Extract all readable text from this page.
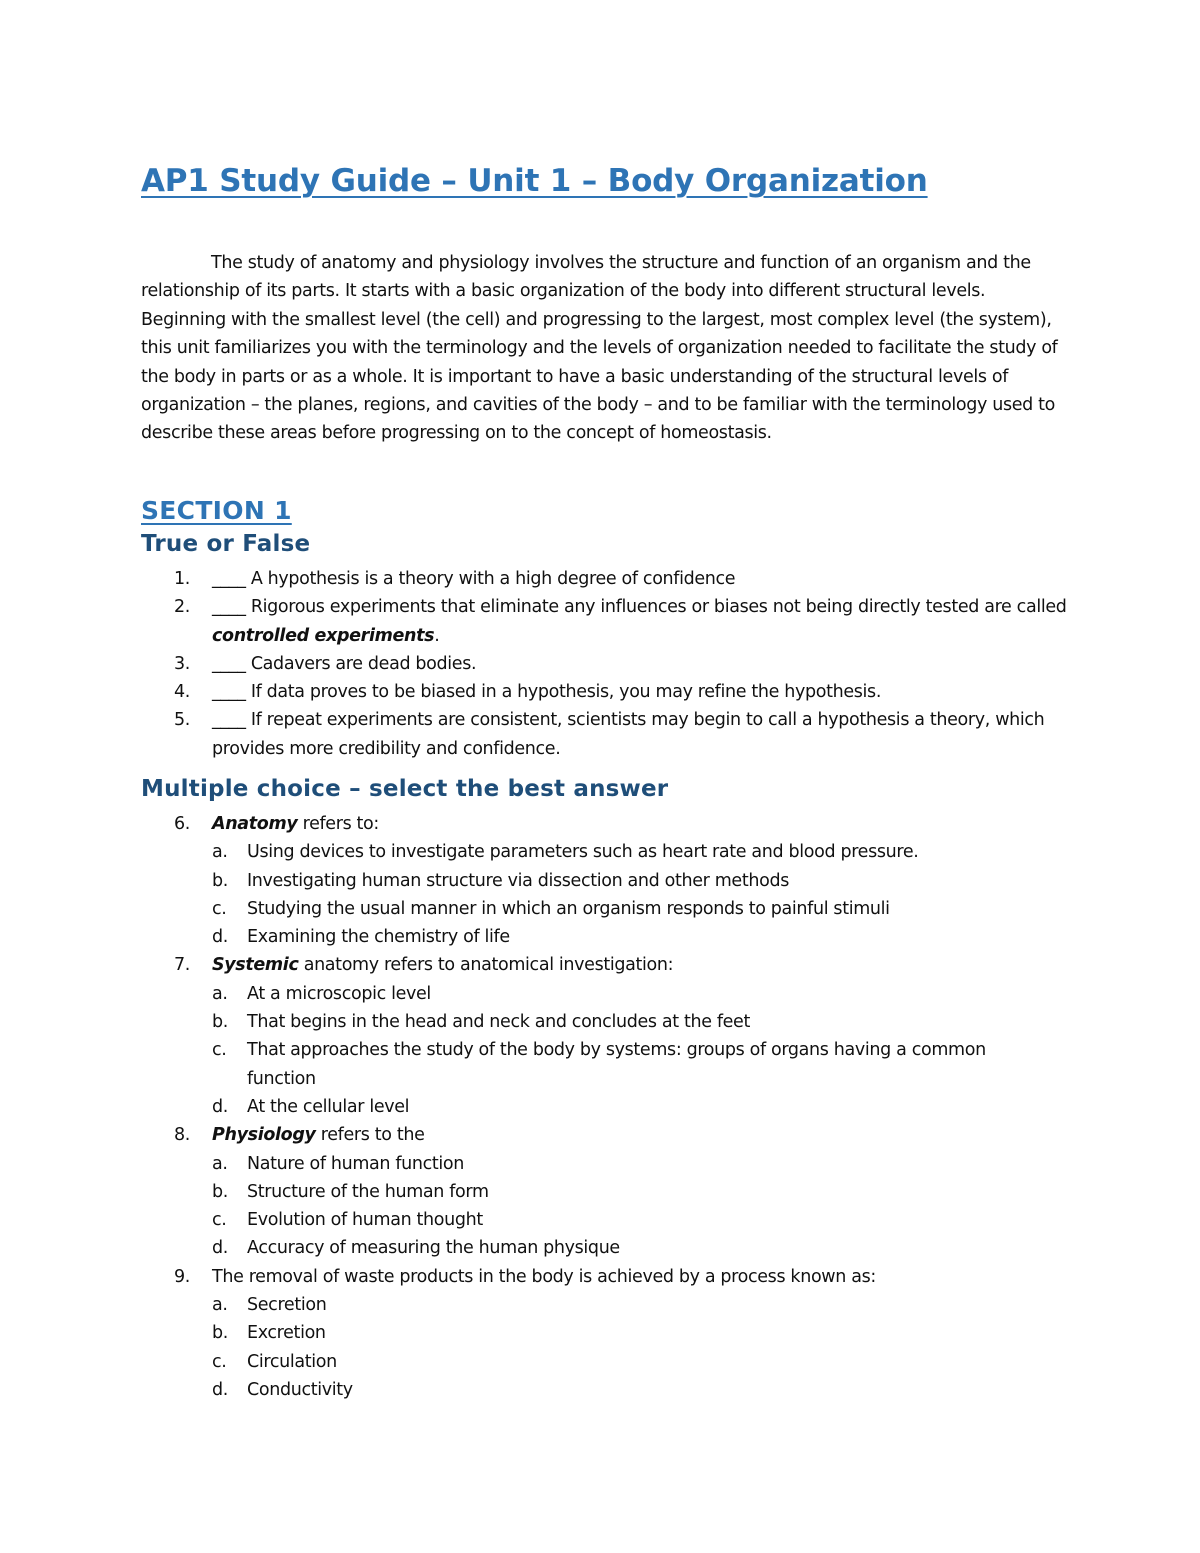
AP1 Study Guide – Unit 1 – Body Organization

The study of anatomy and physiology involves the structure and function of an organism and the relationship of its parts. It starts with a basic organization of the body into different structural levels. Beginning with the smallest level (the cell) and progressing to the largest, most complex level (the system), this unit familiarizes you with the terminology and the levels of organization needed to facilitate the study of the body in parts or as a whole. It is important to have a basic understanding of the structural levels of organization – the planes, regions, and cavities of the body – and to be familiar with the terminology used to describe these areas before progressing on to the concept of homeostasis.

SECTION 1
True or False
1. ____ A hypothesis is a theory with a high degree of confidence
2. ____ Rigorous experiments that eliminate any influences or biases not being directly tested are called controlled experiments.
3. ____ Cadavers are dead bodies.
4. ____ If data proves to be biased in a hypothesis, you may refine the hypothesis.
5. ____ If repeat experiments are consistent, scientists may begin to call a hypothesis a theory, which provides more credibility and confidence.
Multiple choice – select the best answer
6. Anatomy refers to:
a. Using devices to investigate parameters such as heart rate and blood pressure.
b. Investigating human structure via dissection and other methods
c. Studying the usual manner in which an organism responds to painful stimuli
d. Examining the chemistry of life
7. Systemic anatomy refers to anatomical investigation:
a. At a microscopic level
b. That begins in the head and neck and concludes at the feet
c. That approaches the study of the body by systems: groups of organs having a common function
d. At the cellular level
8. Physiology refers to the
a. Nature of human function
b. Structure of the human form
c. Evolution of human thought
d. Accuracy of measuring the human physique
9. The removal of waste products in the body is achieved by a process known as:
a. Secretion
b. Excretion
c. Circulation
d. Conductivity
